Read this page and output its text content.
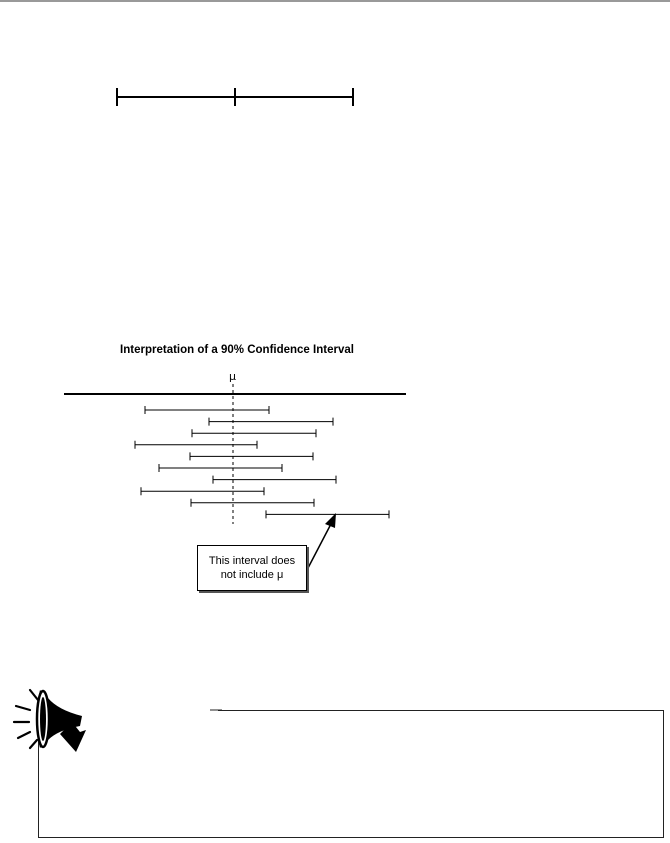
Interpretation of a 90% Confidence Interval
μ
This interval does
not include μ
